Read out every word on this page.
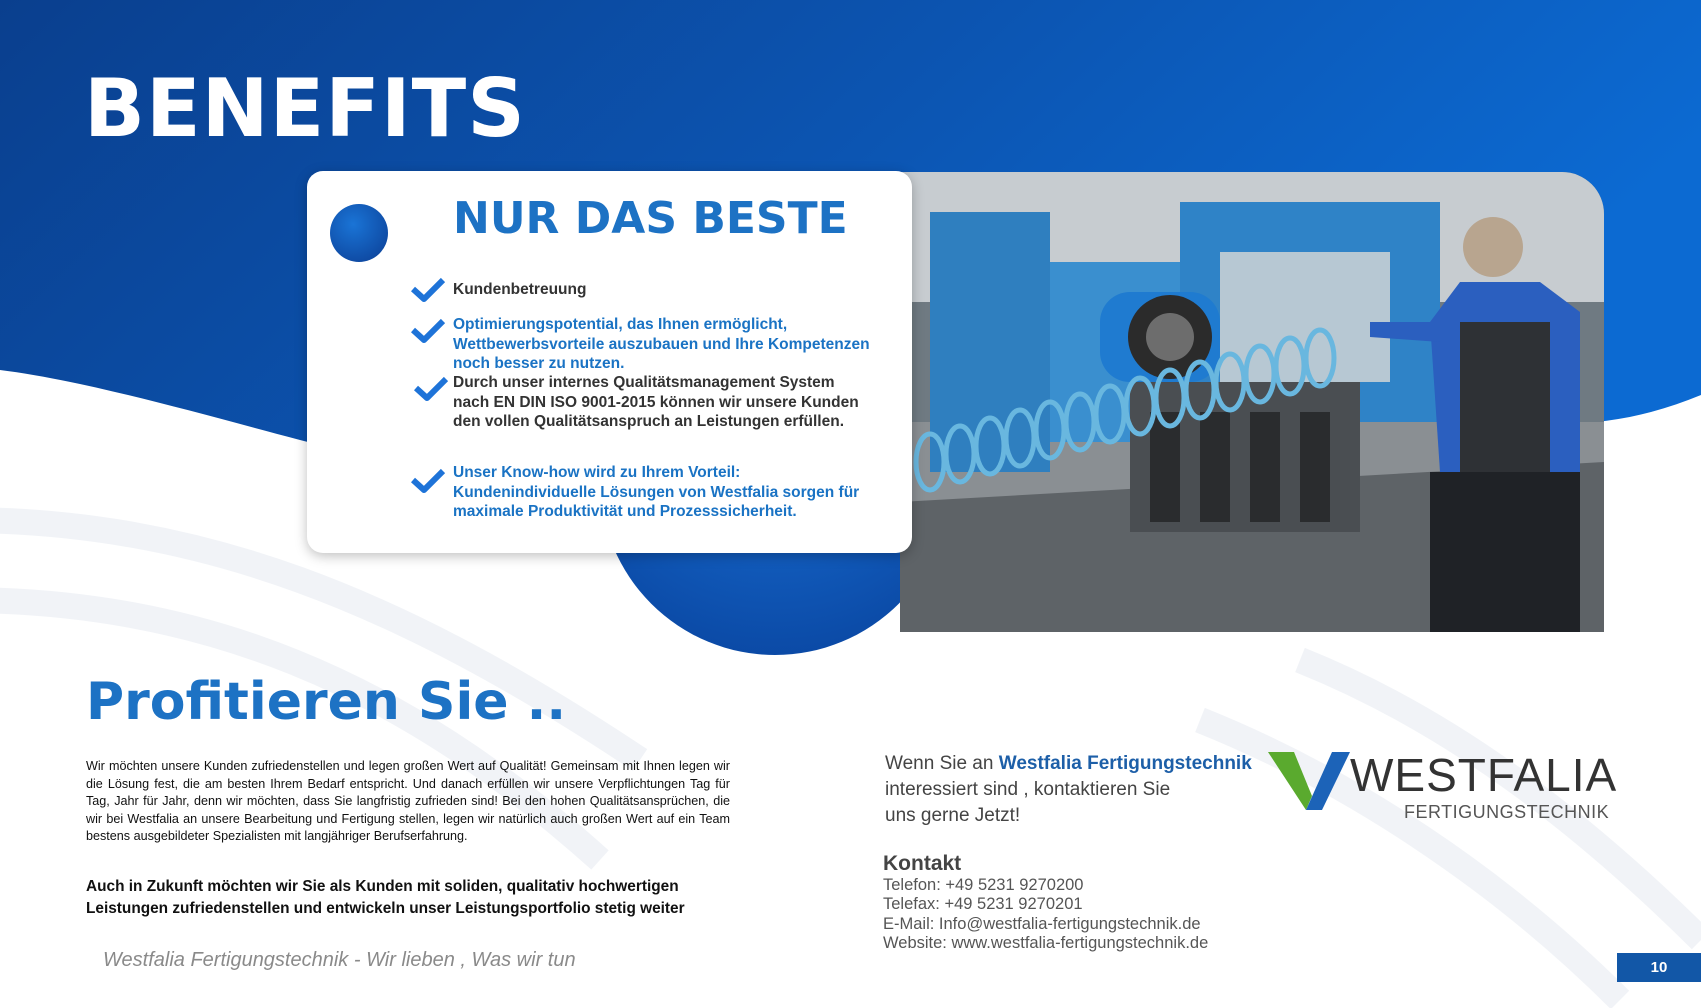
BENEFITS
NUR DAS BESTE
Kundenbetreuung
Optimierungspotential, das Ihnen ermöglicht, Wettbewerbsvorteile auszubauen und Ihre Kompetenzen noch besser zu nutzen.
Durch unser internes Qualitätsmanagement System nach EN DIN ISO 9001-2015 können wir unsere Kunden den vollen Qualitätsanspruch an Leistungen erfüllen.
Unser Know-how wird zu Ihrem Vorteil: Kundenindividuelle Lösungen von Westfalia sorgen für maximale Produktivität und Prozesssicherheit.
Profitieren Sie ..

Wir möchten unsere Kunden zufriedenstellen und legen großen Wert auf Qualität! Gemeinsam mit Ihnen legen wir die Lösung fest, die am besten Ihrem Bedarf entspricht. Und danach erfüllen wir unsere Verpflichtungen Tag für Tag, Jahr für Jahr, denn wir möchten, dass Sie langfristig zufrieden sind! Bei den hohen Qualitätsansprüchen, die wir bei Westfalia an unsere Bearbeitung und Fertigung stellen, legen wir natürlich auch großen Wert auf ein Team bestens ausgebildeter Spezialisten mit langjähriger Berufserfahrung.

Auch in Zukunft möchten wir Sie als Kunden mit soliden, qualitativ hochwertigen Leistungen zufriedenstellen und entwickeln unser Leistungsportfolio stetig weiter

Westfalia Fertigungstechnik - Wir lieben , Was wir tun
Wenn Sie an Westfalia Fertigungstechnik
interessiert sind , kontaktieren Sie
uns gerne Jetzt!
Kontakt
Telefon: +49 5231 9270200
Telefax: +49 5231 9270201
E-Mail: Info@westfalia-fertigungstechnik.de
Website: www.westfalia-fertigungstechnik.de
WESTFALIA
FERTIGUNGSTECHNIK
10
